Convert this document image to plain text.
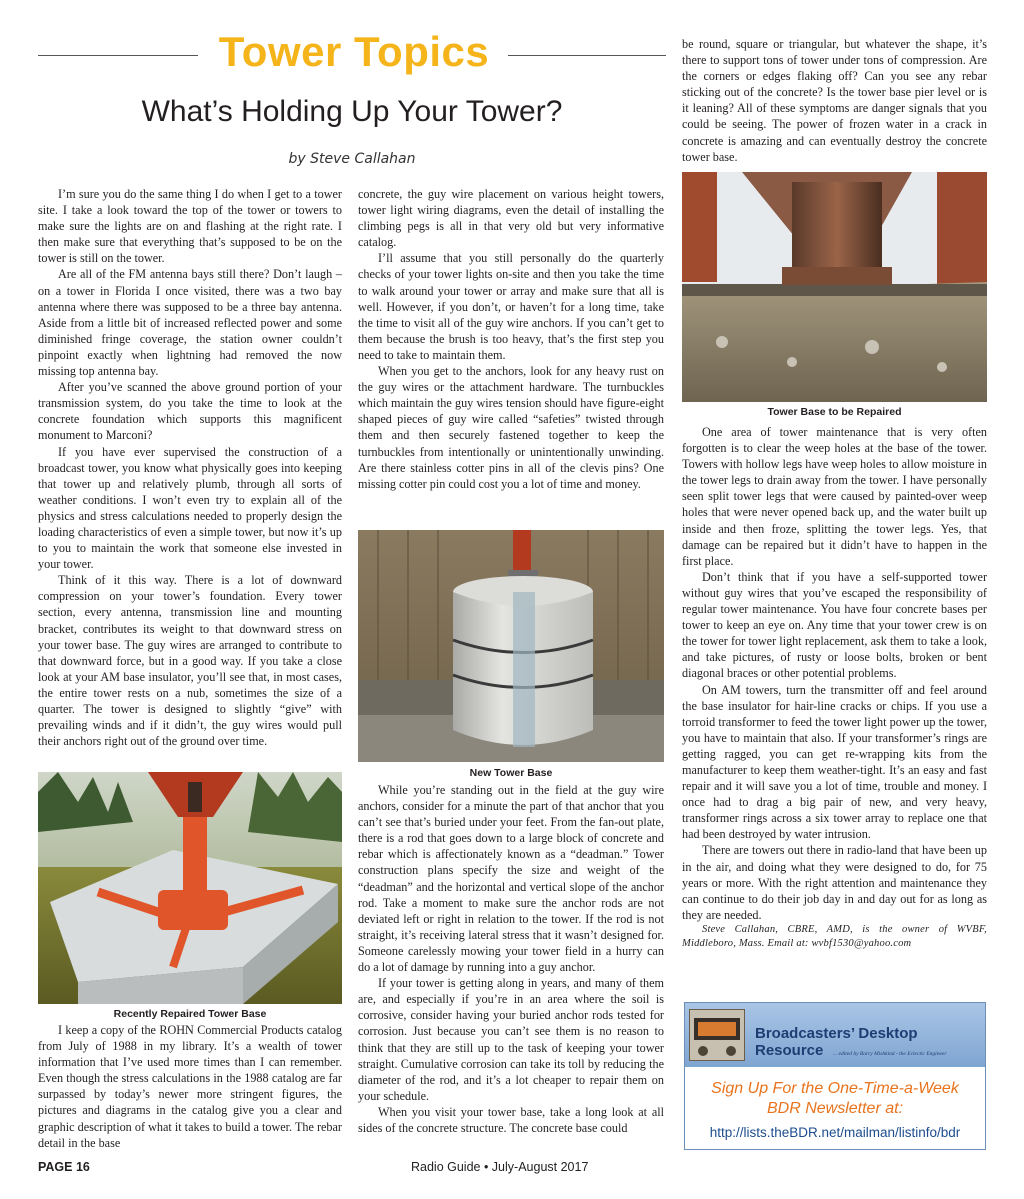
Tower Topics
What’s Holding Up Your Tower?
by Steve Callahan

I’m sure you do the same thing I do when I get to a tower site. I take a look toward the top of the tower or towers to make sure the lights are on and flashing at the right rate. I then make sure that everything that’s supposed to be on the tower is still on the tower.

Are all of the FM antenna bays still there? Don’t laugh – on a tower in Florida I once visited, there was a two bay antenna where there was supposed to be a three bay antenna. Aside from a little bit of increased reflected power and some diminished fringe coverage, the station owner couldn’t pinpoint exactly when lightning had removed the now missing top antenna bay.

After you’ve scanned the above ground portion of your transmission system, do you take the time to look at the concrete foundation which supports this magnificent monument to Marconi?

If you have ever supervised the construction of a broadcast tower, you know what physically goes into keeping that tower up and relatively plumb, through all sorts of weather conditions. I won’t even try to explain all of the physics and stress calculations needed to properly design the loading characteristics of even a simple tower, but now it’s up to you to maintain the work that someone else invested in your tower.

Think of it this way. There is a lot of downward compression on your tower’s foundation. Every tower section, every antenna, transmission line and mounting bracket, contributes its weight to that downward stress on your tower base. The guy wires are arranged to contribute to that downward force, but in a good way. If you take a close look at your AM base insulator, you’ll see that, in most cases, the entire tower rests on a nub, sometimes the size of a quarter. The tower is designed to slightly “give” with prevailing winds and if it didn’t, the guy wires would pull their anchors right out of the ground over time.

Recently Repaired Tower Base

I keep a copy of the ROHN Commercial Products catalog from July of 1988 in my library. It’s a wealth of tower information that I’ve used more times than I can remember. Even though the stress calculations in the 1988 catalog are far surpassed by today’s newer more stringent figures, the pictures and diagrams in the catalog give you a clear and graphic description of what it takes to build a tower. The rebar detail in the base

concrete, the guy wire placement on various height towers, tower light wiring diagrams, even the detail of installing the climbing pegs is all in that very old but very informative catalog.

I’ll assume that you still personally do the quarterly checks of your tower lights on-site and then you take the time to walk around your tower or array and make sure that all is well. However, if you don’t, or haven’t for a long time, take the time to visit all of the guy wire anchors. If you can’t get to them because the brush is too heavy, that’s the first step you need to take to maintain them.

When you get to the anchors, look for any heavy rust on the guy wires or the attachment hardware. The turnbuckles which maintain the guy wires tension should have figure-eight shaped pieces of guy wire called “safeties” twisted through them and then securely fastened together to keep the turnbuckles from intentionally or unintentionally unwinding. Are there stainless cotter pins in all of the clevis pins? One missing cotter pin could cost you a lot of time and money.

New Tower Base

While you’re standing out in the field at the guy wire anchors, consider for a minute the part of that anchor that you can’t see that’s buried under your feet. From the fan-out plate, there is a rod that goes down to a large block of concrete and rebar which is affectionately known as a “deadman.” Tower construction plans specify the size and weight of the “deadman” and the horizontal and vertical slope of the anchor rod. Take a moment to make sure the anchor rods are not deviated left or right in relation to the tower. If the rod is not straight, it’s receiving lateral stress that it wasn’t designed for. Someone carelessly mowing your tower field in a hurry can do a lot of damage by running into a guy anchor.

If your tower is getting along in years, and many of them are, and especially if you’re in an area where the soil is corrosive, consider having your buried anchor rods tested for corrosion. Just because you can’t see them is no reason to think that they are still up to the task of keeping your tower straight. Cumulative corrosion can take its toll by reducing the diameter of the rod, and it’s a lot cheaper to repair them on your schedule.

When you visit your tower base, take a long look at all sides of the concrete structure. The concrete base could

be round, square or triangular, but whatever the shape, it’s there to support tons of tower under tons of compression. Are the corners or edges flaking off? Can you see any rebar sticking out of the concrete? Is the tower base pier level or is it leaning? All of these symptoms are danger signals that you could be seeing. The power of frozen water in a crack in concrete is amazing and can eventually destroy the concrete tower base.

Tower Base to be Repaired

One area of tower maintenance that is very often forgotten is to clear the weep holes at the base of the tower. Towers with hollow legs have weep holes to allow moisture in the tower legs to drain away from the tower. I have personally seen split tower legs that were caused by painted-over weep holes that were never opened back up, and the water built up inside and then froze, splitting the tower legs. Yes, that damage can be repaired but it didn’t have to happen in the first place.

Don’t think that if you have a self-supported tower without guy wires that you’ve escaped the responsibility of regular tower maintenance. You have four concrete bases per tower to keep an eye on. Any time that your tower crew is on the tower for tower light replacement, ask them to take a look, and take pictures, of rusty or loose bolts, broken or bent diagonal braces or other potential problems.

On AM towers, turn the transmitter off and feel around the base insulator for hair-line cracks or chips. If you use a torroid transformer to feed the tower light power up the tower, you have to maintain that also. If your transformer’s rings are getting ragged, you can get re-wrapping kits from the manufacturer to keep them weather-tight. It’s an easy and fast repair and it will save you a lot of time, trouble and money. I once had to drag a big pair of new, and very heavy, transformer rings across a six tower array to replace one that had been destroyed by water intrusion.

There are towers out there in radio-land that have been up in the air, and doing what they were designed to do, for 75 years or more. With the right attention and maintenance they can continue to do their job day in and day out for as long as they are needed.

Steve Callahan, CBRE, AMD, is the owner of WVBF, Middleboro, Mass. Email at: wvbf1530@yahoo.com

Broadcasters’ Desktop Resource	... edited by Barry Mishkind - the Eclectic Engineer
Sign Up For the One-Time-a-Week
BDR Newsletter at:
http://lists.theBDR.net/mailman/listinfo/bdr
PAGE 16	Radio Guide • July-August 2017
